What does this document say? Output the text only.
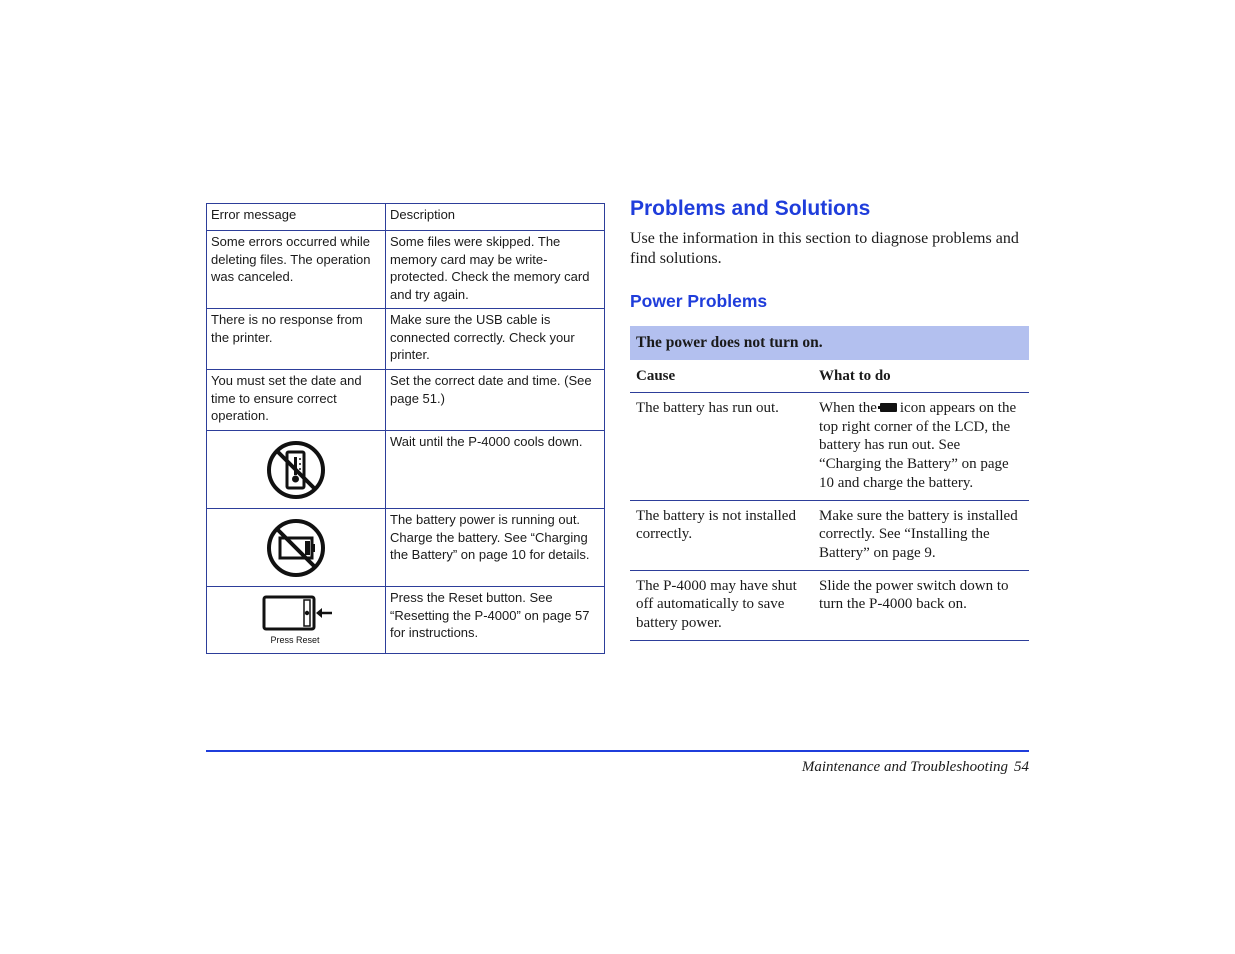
Error message	Description
Some errors occurred while deleting files. The operation was canceled.	Some files were skipped. The memory card may be write-protected. Check the memory card and try again.
There is no response from the printer.	Make sure the USB cable is connected correctly. Check your printer.
You must set the date and time to ensure correct operation.	Set the correct date and time. (See page 51.)

	Wait until the P-4000 cools down.

	The battery power is running out. Charge the battery. See “Charging the Battery” on page 10 for details.

Press Reset	Press the Reset button. See “Resetting the P-4000” on page 57 for instructions.
Problems and Solutions

Use the information in this section to diagnose problems and find solutions.

Power Problems
The power does not turn on.
Cause	What to do
The battery has run out.	When the icon appears on the top right corner of the LCD, the battery has run out. See “Charging the Battery” on page 10 and charge the battery.
The battery is not installed correctly.	Make sure the battery is installed correctly. See “Installing the Battery” on page 9.
The P-4000 may have shut off automatically to save battery power.	Slide the power switch down to turn the P-4000 back on.
Maintenance and Troubleshooting 54
